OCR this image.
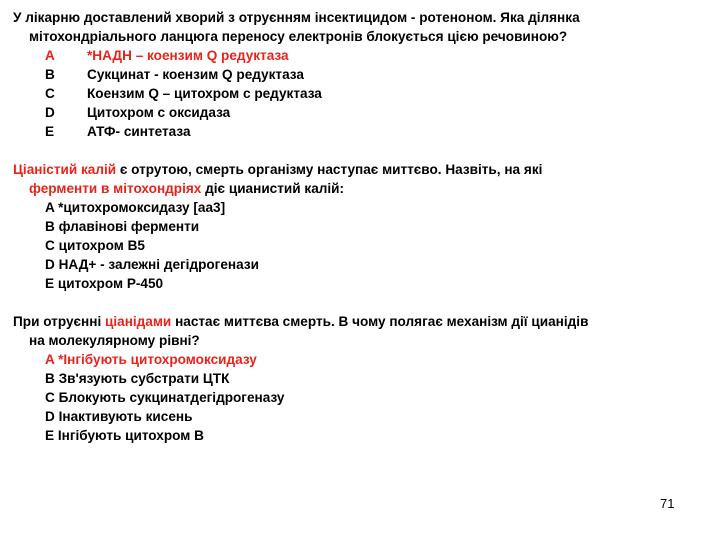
У лікарню доставлений хворий з отруєнням інсектицидом - ротеноном. Яка ділянка
мітохондріального ланцюга переносу електронів блокується цією речовиною?
A	*НАДН – коензим Q редуктаза
B	Сукцинат - коензим Q редуктаза
C	Коензим Q – цитохром с редуктаза
D	Цитохром с оксидаза
E	АТФ- синтетаза
Ціаністий калій є отрутою, смерть організму наступає миттєво. Назвіть, на які
ферменти в мітохондріях діє цианистий калій:
A *цитохромоксидазу [аа3]
B флавінові ферменти
C цитохром В5
D НАД+ - залежні дегідрогенази
E цитохром Р-450
При отруєнні ціанідами настає миттєва смерть. В чому полягає механізм дії цианідів
на молекулярному рівні?
A *Інгібують цитохромоксидазу
B Зв'язують субстрати ЦТК
C Блокують сукцинатдегідрогеназу
D Інактивують кисень
E Інгібують цитохром В
71
